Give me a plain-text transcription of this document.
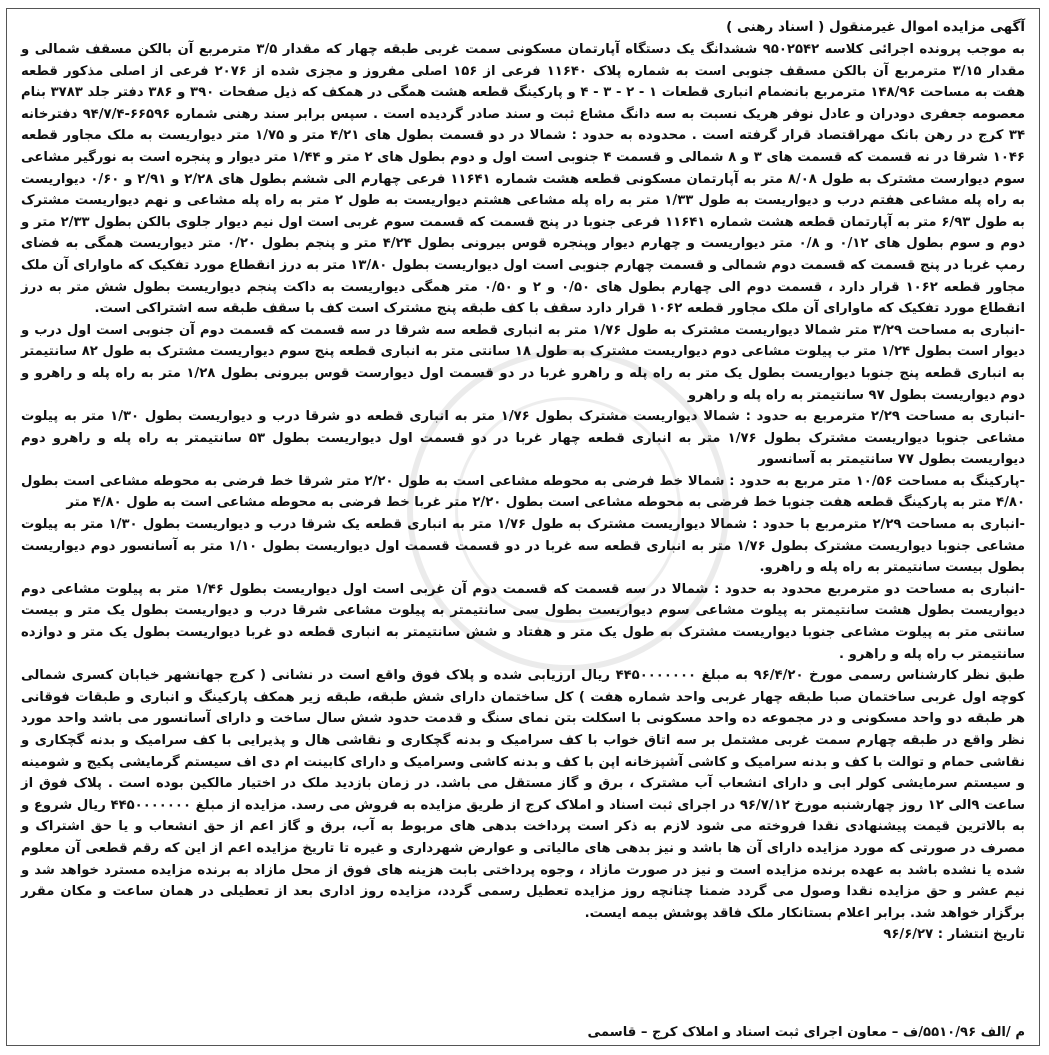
آگهی مزایده اموال غیرمنقول ( اسناد رهنی )

به موجب پرونده اجرائی کلاسه ۹۵۰۲۵۴۲ ششدانگ یک دستگاه آپارتمان مسکونی سمت غربی طبقه چهار که مقدار ۳/۵ مترمربع آن بالکن مسقف شمالی و مقدار ۳/۱۵ مترمربع آن بالکن مسقف جنوبی است به شماره پلاک ۱۱۶۴۰ فرعی از ۱۵۶ اصلی مفروز و مجزی شده از ۲۰۷۶ فرعی از اصلی مذکور قطعه هفت به مساحت ۱۴۸/۹۶ مترمربع بانضمام انباری قطعات ۱ - ۲ - ۳ - ۴ و پارکینگ قطعه هشت همگی در همکف که ذیل صفحات ۳۹۰ و ۳۸۶ دفتر جلد ۳۷۸۳ بنام معصومه جعفری دودران و عادل نوفر هریک نسبت به سه دانگ مشاع ثبت و سند صادر گردیده است . سپس برابر سند رهنی شماره ۶۶۵۹۶-۹۴/۷/۴ دفترخانه ۳۴ کرج در رهن بانک مهراقتصاد قرار گرفته است . محدوده به حدود : شمالا در دو قسمت بطول های ۴/۲۱ متر و ۱/۷۵ متر دیواریست به ملک مجاور قطعه ۱۰۴۶ شرقا در نه قسمت که قسمت های ۳ و ۸ شمالی و قسمت ۴ جنوبی است اول و دوم بطول های ۲ متر و ۱/۴۴ متر دیوار و پنجره است به نورگیر مشاعی سوم دیوارست مشترک به طول ۸/۰۸ متر به آپارتمان مسکونی قطعه هشت شماره ۱۱۶۴۱ فرعی چهارم الی ششم بطول های ۲/۲۸ و ۲/۹۱ و ۰/۶۰ دیواریست به راه پله مشاعی هفتم درب و دیواریست به طول ۱/۳۳ متر به راه پله مشاعی هشتم دیواریست به طول ۲ متر به راه پله مشاعی و نهم دیواریست مشترک به طول ۶/۹۳ متر به آپارتمان قطعه هشت شماره ۱۱۶۴۱ فرعی جنوبا در پنج قسمت که قسمت سوم غربی است اول نیم دیوار جلوی بالکن بطول ۲/۳۳ متر و دوم و سوم بطول های ۰/۱۲ و ۰/۸ متر دیواریست و چهارم دیوار وپنجره قوس بیرونی بطول ۴/۲۴ متر و پنجم بطول ۰/۲۰ متر دیواریست همگی به فضای رمپ غربا در پنج قسمت که قسمت دوم شمالی و قسمت چهارم جنوبی است اول دیواریست بطول ۱۳/۸۰ متر به درز انقطاع مورد تفکیک که ماوارای آن ملک مجاور قطعه ۱۰۶۲ قرار دارد ، قسمت دوم الی چهارم بطول های ۰/۵۰ و ۲ و ۰/۵۰ متر همگی دیواریست به داکت پنجم دیواریست بطول شش متر به درز انقطاع مورد تفکیک که ماوارای آن ملک مجاور قطعه ۱۰۶۲ قرار دارد سقف با کف طبقه پنج مشترک است کف با سقف طبقه سه اشتراکی است.

-انباری به مساحت ۳/۲۹ متر شمالا دیواریست مشترک به طول ۱/۷۶ متر به انباری قطعه سه شرقا در سه قسمت که قسمت دوم آن جنوبی است اول درب و دیوار است بطول ۱/۲۴ متر ب پیلوت مشاعی دوم دیواریست مشترک به طول ۱۸ سانتی متر به انباری قطعه پنج سوم دیواریست مشترک به طول ۸۲ سانتیمتر به انباری قطعه پنج جنوبا دیواریست بطول یک متر به راه پله و راهرو غربا در دو قسمت اول دیوارست قوس بیرونی بطول ۱/۲۸ متر به راه پله و راهرو و دوم دیواریست بطول ۹۷ سانتیمتر به راه پله و راهرو

-انباری به مساحت ۲/۲۹ مترمربع به حدود : شمالا دیواریست مشترک بطول ۱/۷۶ متر به انباری قطعه دو شرقا درب و دیواریست بطول ۱/۳۰ متر به پیلوت مشاعی جنوبا دیواریست مشترک بطول ۱/۷۶ متر به انباری قطعه چهار غربا در دو قسمت اول دیواریست بطول ۵۳ سانتیمتر به راه پله و راهرو دوم دیواریست بطول ۷۷ سانتیمتر به آسانسور

-پارکینگ به مساحت ۱۰/۵۶ متر مربع به حدود : شمالا خط فرضی به محوطه مشاعی است به طول ۲/۲۰ متر شرقا خط فرضی به محوطه مشاعی است بطول ۴/۸۰ متر به پارکینگ قطعه هفت جنوبا خط فرضی به محوطه مشاعی است بطول ۲/۲۰ متر غربا خط فرضی به محوطه مشاعی است به طول ۴/۸۰ متر

-انباری به مساحت ۲/۲۹ مترمربع با حدود : شمالا دیواریست مشترک به طول ۱/۷۶ متر به انباری قطعه یک شرقا درب و دیواریست بطول ۱/۳۰ متر به پیلوت مشاعی جنوبا دیواریست مشترک بطول ۱/۷۶ متر به انباری قطعه سه غربا در دو قسمت قسمت اول دیواریست بطول ۱/۱۰ متر به آسانسور دوم دیواریست بطول بیست سانتیمتر به راه پله و راهرو.

-انباری به مساحت دو مترمربع محدود به حدود : شمالا در سه قسمت که قسمت دوم آن غربی است اول دیواریست بطول ۱/۴۶ متر به پیلوت مشاعی دوم دیواریست بطول هشت سانتیمتر به پیلوت مشاعی سوم دیواریست بطول سی سانتیمتر به پیلوت مشاعی شرقا درب و دیواریست بطول یک متر و بیست سانتی متر به پیلوت مشاعی جنوبا دیواریست مشترک به طول یک متر و هفتاد و شش سانتیمتر به انباری قطعه دو غربا دیواریست بطول یک متر و دوازده سانتیمتر ب راه پله و راهرو .

طبق نظر کارشناس رسمی مورخ ۹۶/۴/۲۰ به مبلغ ۴۴۵۰۰۰۰۰۰۰ ریال ارزیابی شده و پلاک فوق واقع است در نشانی ( کرج جهانشهر خیابان کسری شمالی کوچه اول غربی ساختمان صبا طبقه چهار غربی واحد شماره هفت ) کل ساختمان دارای شش طبقه، طبقه زیر همکف پارکینگ و انباری و طبقات فوقانی هر طبقه دو واحد مسکونی و در مجموعه ده واحد مسکونی با اسکلت بتن نمای سنگ و قدمت حدود شش سال ساخت و دارای آسانسور می باشد واحد مورد نظر واقع در طبقه چهارم سمت غربی مشتمل بر سه اتاق خواب با کف سرامیک و بدنه گچکاری و نقاشی هال و پذیرایی با کف سرامیک و بدنه گچکاری و نقاشی حمام و توالت با کف و بدنه سرامیک و کاشی آشپزخانه اپن با کف و بدنه کاشی وسرامیک و دارای کابینت ام دی اف سیستم گرمایشی پکیج و شومینه و سیستم سرمایشی کولر ابی و دارای انشعاب آب مشترک ، برق و گاز مستقل می باشد. در زمان بازدید ملک در اختیار مالکین بوده است . پلاک فوق از ساعت ۹الی ۱۲ روز چهارشنبه مورخ ۹۶/۷/۱۲ در اجرای ثبت اسناد و املاک کرج از طریق مزایده به فروش می رسد. مزایده از مبلغ ۴۴۵۰۰۰۰۰۰۰ ریال شروع و به بالاترین قیمت پیشنهادی نقدا فروخته می شود لازم به ذکر است پرداخت بدهی های مربوط به آب، برق و گاز اعم از حق انشعاب و یا حق اشتراک و مصرف در صورتی که مورد مزایده دارای آن ها باشد و نیز بدهی های مالیاتی و عوارض شهرداری و غیره تا تاریخ مزایده اعم از این که رقم قطعی آن معلوم شده یا نشده باشد به عهده برنده مزایده است و نیز در صورت مازاد ، وجوه پرداختی بابت هزینه های فوق از محل مازاد به برنده مزایده مسترد خواهد شد و نیم عشر و حق مزایده نقدا وصول می گردد ضمنا چنانچه روز مزایده تعطیل رسمی گردد، مزایده روز اداری بعد از تعطیلی در همان ساعت و مکان مقرر برگزار خواهد شد. برابر اعلام بستانکار ملک فاقد پوشش بیمه ایست.

تاریخ انتشار : ۹۶/۶/۲۷

م /الف ۵۵۱۰/۹۶/ف – معاون اجرای ثبت اسناد و املاک کرج – قاسمی
